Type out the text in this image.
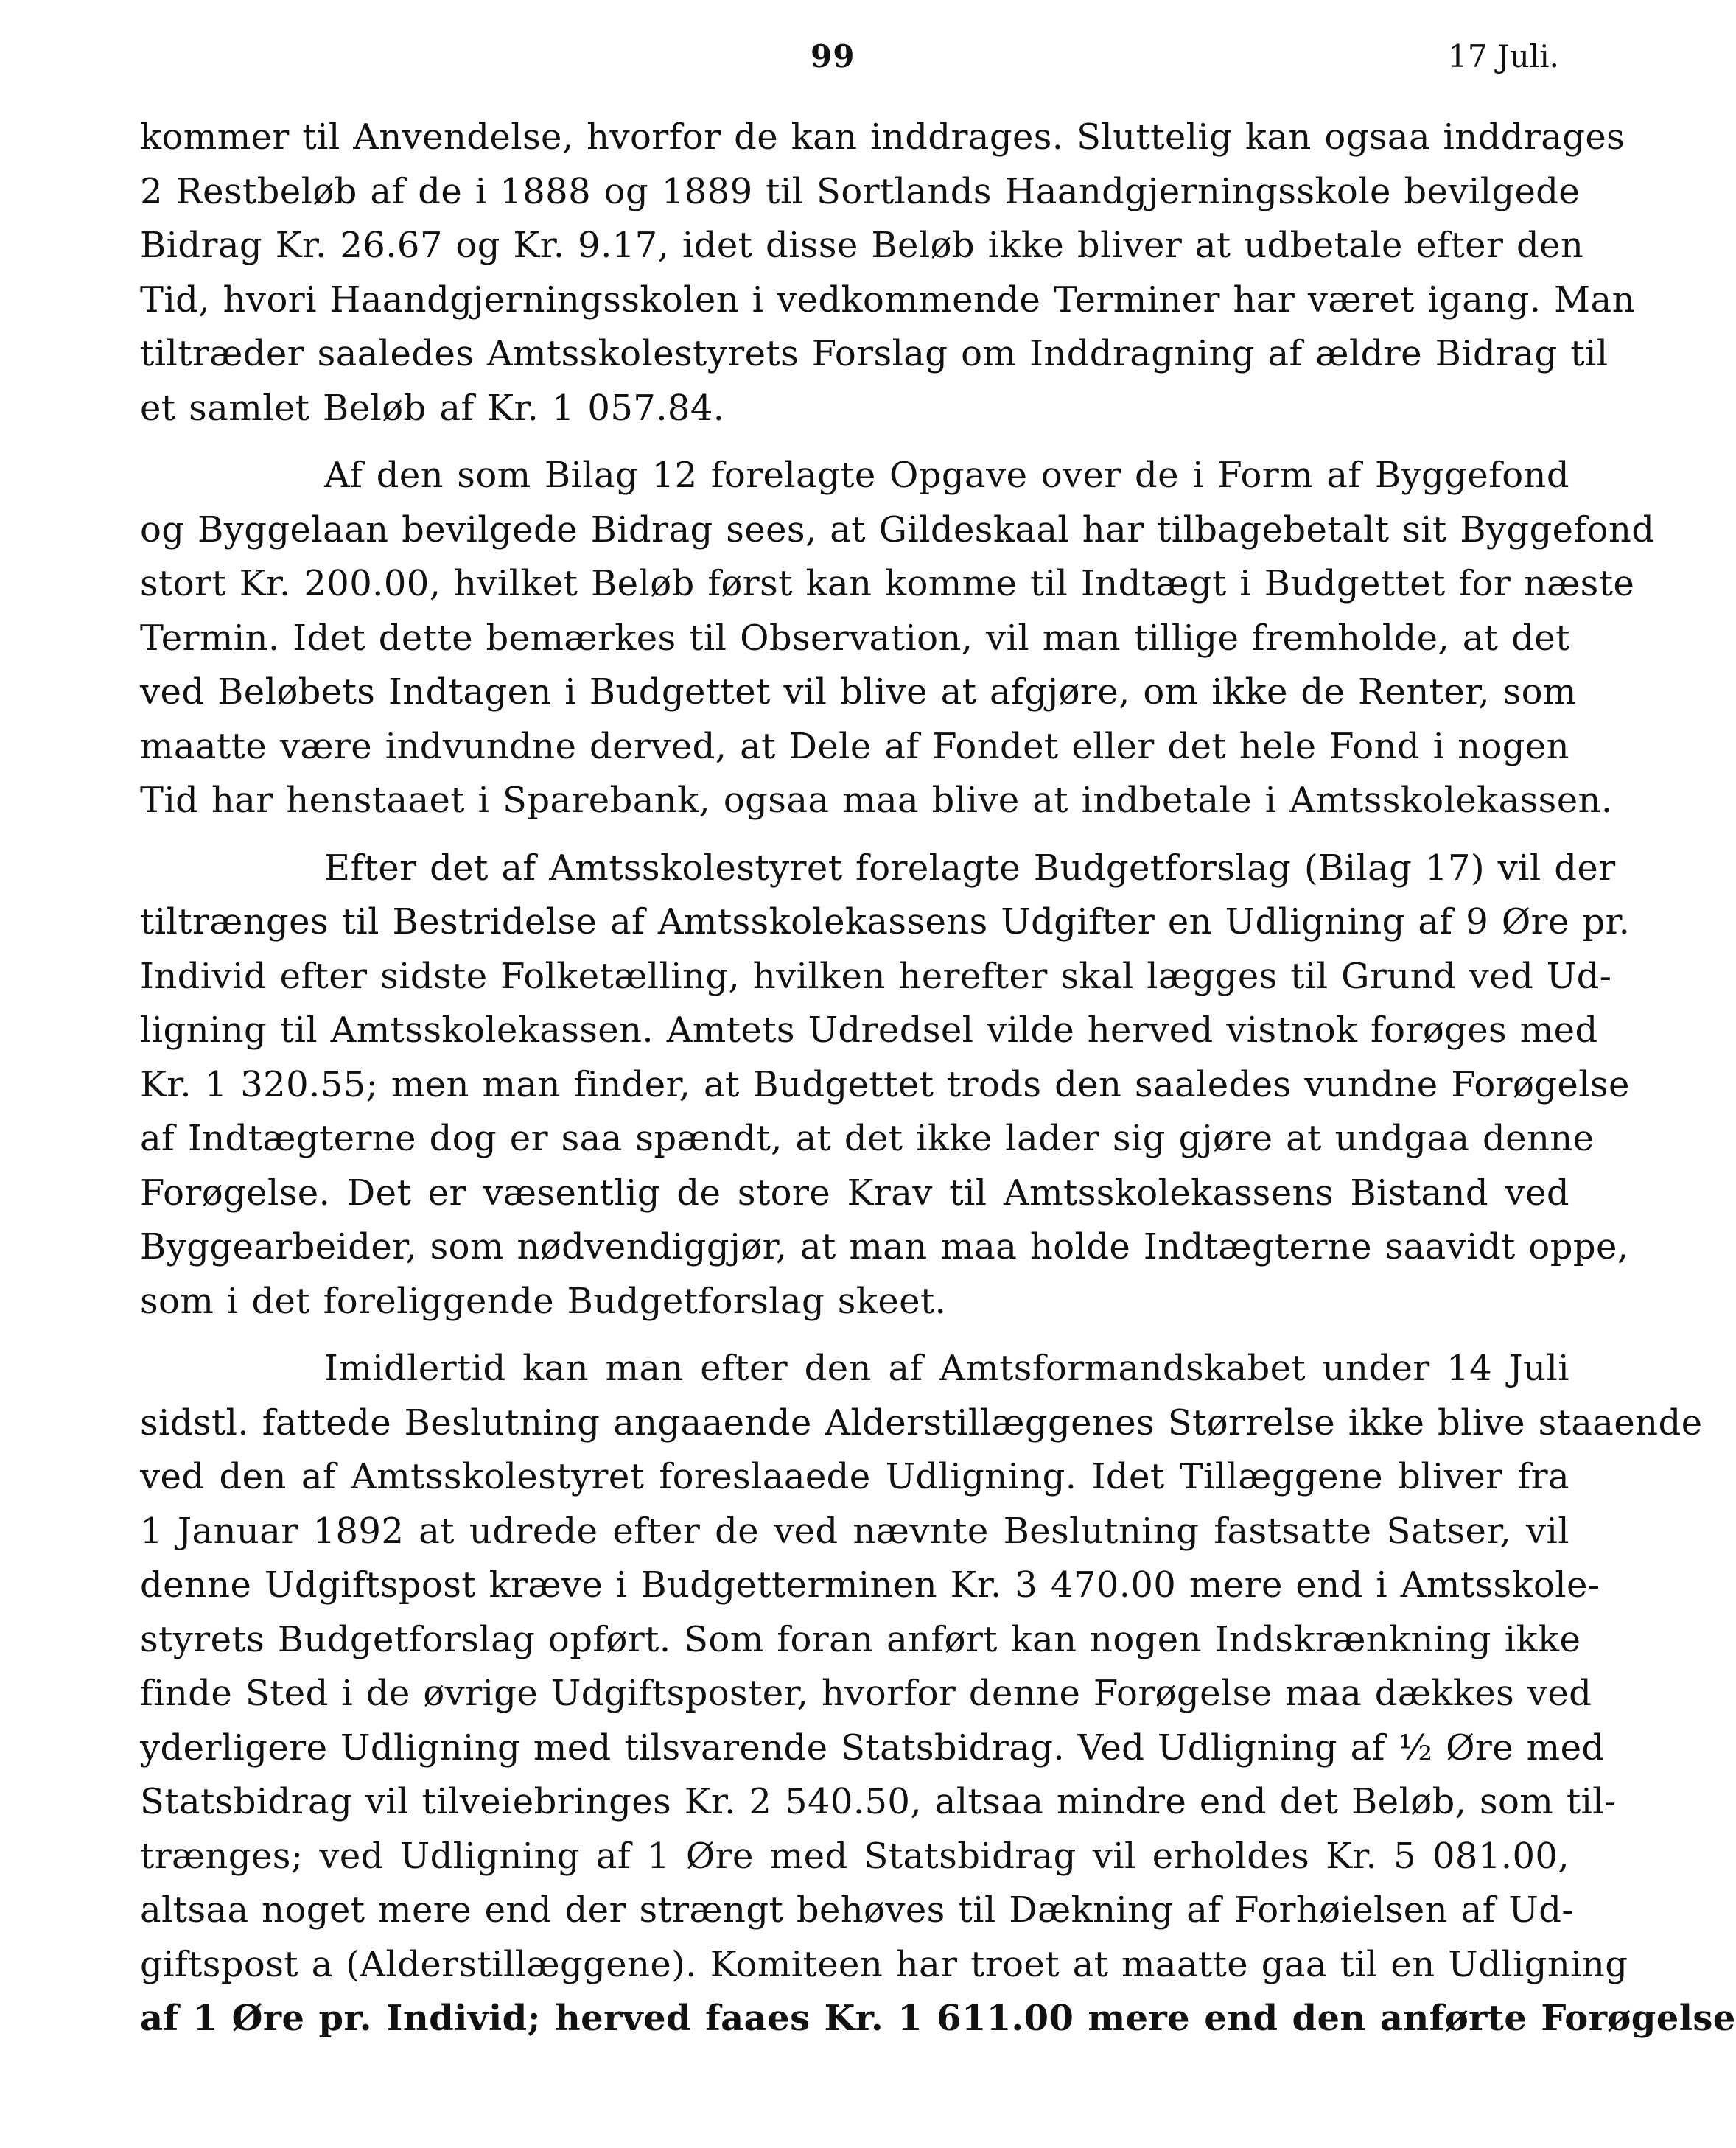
99	17 Juli.
kommer til Anvendelse, hvorfor de kan inddrages. Sluttelig kan ogsaa inddrages
2 Restbeløb af de i 1888 og 1889 til Sortlands Haandgjerningsskole bevilgede
Bidrag Kr. 26.67 og Kr. 9.17, idet disse Beløb ikke bliver at udbetale efter den
Tid, hvori Haandgjerningsskolen i vedkommende Terminer har været igang. Man
tiltræder saaledes Amtsskolestyrets Forslag om Inddragning af ældre Bidrag til
et samlet Beløb af Kr. 1 057.84.
Af den som Bilag 12 forelagte Opgave over de i Form af Byggefond
og Byggelaan bevilgede Bidrag sees, at Gildeskaal har tilbagebetalt sit Byggefond
stort Kr. 200.00, hvilket Beløb først kan komme til Indtægt i Budgettet for næste
Termin. Idet dette bemærkes til Observation, vil man tillige fremholde, at det
ved Beløbets Indtagen i Budgettet vil blive at afgjøre, om ikke de Renter, som
maatte være indvundne derved, at Dele af Fondet eller det hele Fond i nogen
Tid har henstaaet i Sparebank, ogsaa maa blive at indbetale i Amtsskolekassen.
Efter det af Amtsskolestyret forelagte Budgetforslag (Bilag 17) vil der
tiltrænges til Bestridelse af Amtsskolekassens Udgifter en Udligning af 9 Øre pr.
Individ efter sidste Folketælling, hvilken herefter skal lægges til Grund ved Ud-
ligning til Amtsskolekassen. Amtets Udredsel vilde herved vistnok forøges med
Kr. 1 320.55; men man finder, at Budgettet trods den saaledes vundne Forøgelse
af Indtægterne dog er saa spændt, at det ikke lader sig gjøre at undgaa denne
Forøgelse. Det er væsentlig de store Krav til Amtsskolekassens Bistand ved
Byggearbeider, som nødvendiggjør, at man maa holde Indtægterne saavidt oppe,
som i det foreliggende Budgetforslag skeet.
Imidlertid kan man efter den af Amtsformandskabet under 14 Juli
sidstl. fattede Beslutning angaaende Alderstillæggenes Størrelse ikke blive staaende
ved den af Amtsskolestyret foreslaaede Udligning. Idet Tillæggene bliver fra
1 Januar 1892 at udrede efter de ved nævnte Beslutning fastsatte Satser, vil
denne Udgiftspost kræve i Budgetterminen Kr. 3 470.00 mere end i Amtsskole-
styrets Budgetforslag opført. Som foran anført kan nogen Indskrænkning ikke
finde Sted i de øvrige Udgiftsposter, hvorfor denne Forøgelse maa dækkes ved
yderligere Udligning med tilsvarende Statsbidrag. Ved Udligning af ½ Øre med
Statsbidrag vil tilveiebringes Kr. 2 540.50, altsaa mindre end det Beløb, som til-
trænges; ved Udligning af 1 Øre med Statsbidrag vil erholdes Kr. 5 081.00,
altsaa noget mere end der strængt behøves til Dækning af Forhøielsen af Ud-
giftspost a (Alderstillæggene). Komiteen har troet at maatte gaa til en Udligning
af 1 Øre pr. Individ; herved faaes Kr. 1 611.00 mere end den anførte Forøgelse
